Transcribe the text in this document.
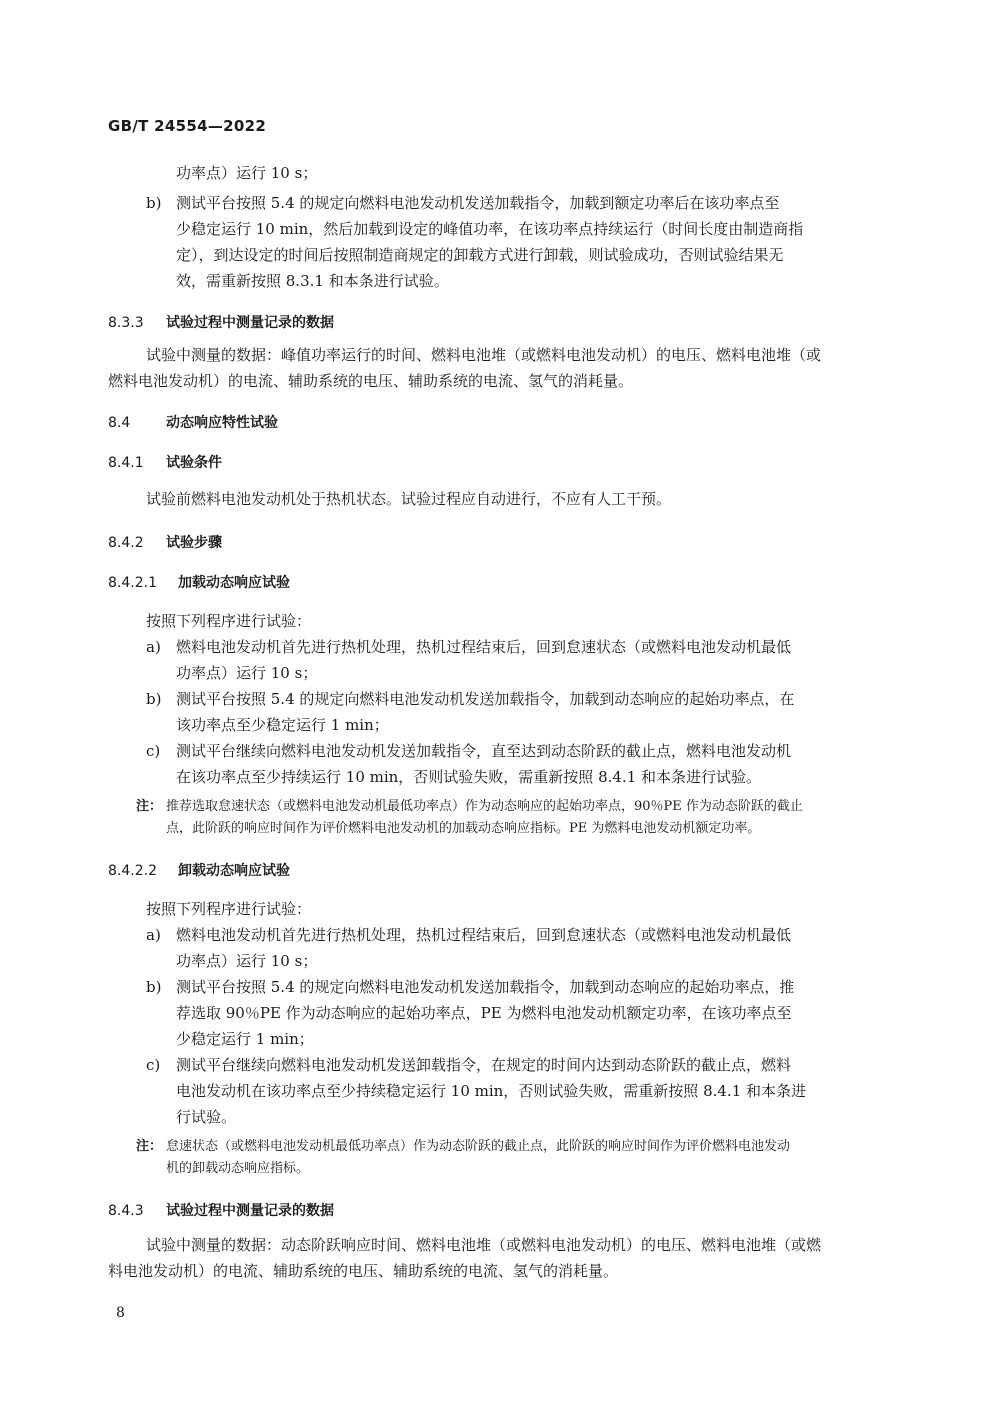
GB/T 24554—2022
功率点）运行 10 s；
b) 测试平台按照 5.4 的规定向燃料电池发动机发送加载指令，加载到额定功率后在该功率点至
少稳定运行 10 min，然后加载到设定的峰值功率，在该功率点持续运行（时间长度由制造商指
定），到达设定的时间后按照制造商规定的卸载方式进行卸载，则试验成功，否则试验结果无
效，需重新按照 8.3.1 和本条进行试验。
8.3.3 试验过程中测量记录的数据
试验中测量的数据：峰值功率运行的时间、燃料电池堆（或燃料电池发动机）的电压、燃料电池堆（或
燃料电池发动机）的电流、辅助系统的电压、辅助系统的电流、氢气的消耗量。
8.4	动态响应特性试验
8.4.1 试验条件
试验前燃料电池发动机处于热机状态。试验过程应自动进行，不应有人工干预。
8.4.2 试验步骤
8.4.2.1 加载动态响应试验
按照下列程序进行试验：
a)	燃料电池发动机首先进行热机处理，热机过程结束后，回到怠速状态（或燃料电池发动机最低
功率点）运行 10 s；
b) 测试平台按照 5.4 的规定向燃料电池发动机发送加载指令，加载到动态响应的起始功率点，在
该功率点至少稳定运行 1 min；
c)	测试平台继续向燃料电池发动机发送加载指令，直至达到动态阶跃的截止点，燃料电池发动机
在该功率点至少持续运行 10 min，否则试验失败，需重新按照 8.4.1 和本条进行试验。
注： 推荐选取怠速状态（或燃料电池发动机最低功率点）作为动态响应的起始功率点，90％PE 作为动态阶跃的截止
点，此阶跃的响应时间作为评价燃料电池发动机的加载动态响应指标。PE 为燃料电池发动机额定功率。
8.4.2.2 卸载动态响应试验
按照下列程序进行试验：
a)	燃料电池发动机首先进行热机处理，热机过程结束后，回到怠速状态（或燃料电池发动机最低
功率点）运行 10 s；
b) 测试平台按照 5.4 的规定向燃料电池发动机发送加载指令，加载到动态响应的起始功率点，推
荐选取 90％PE 作为动态响应的起始功率点，PE 为燃料电池发动机额定功率，在该功率点至
少稳定运行 1 min；
c)	测试平台继续向燃料电池发动机发送卸载指令，在规定的时间内达到动态阶跃的截止点，燃料
电池发动机在该功率点至少持续稳定运行 10 min，否则试验失败，需重新按照 8.4.1 和本条进
行试验。
注： 怠速状态（或燃料电池发动机最低功率点）作为动态阶跃的截止点，此阶跃的响应时间作为评价燃料电池发动
机的卸载动态响应指标。
8.4.3 试验过程中测量记录的数据
试验中测量的数据：动态阶跃响应时间、燃料电池堆（或燃料电池发动机）的电压、燃料电池堆（或燃
料电池发动机）的电流、辅助系统的电压、辅助系统的电流、氢气的消耗量。
8
